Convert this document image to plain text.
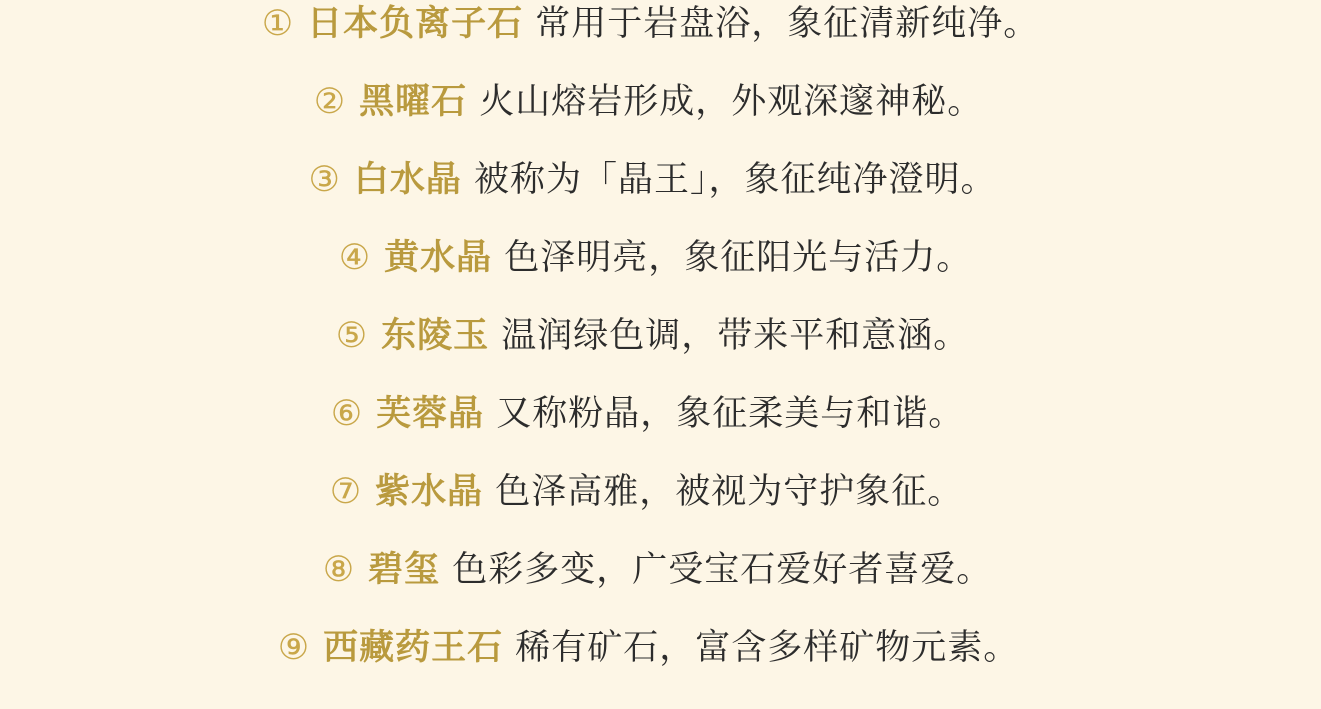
① 日本负离子石 常用于岩盘浴，象征清新纯净。
② 黑曜石 火山熔岩形成，外观深邃神秘。
③ 白水晶 被称为「晶王」，象征纯净澄明。
④ 黄水晶 色泽明亮，象征阳光与活力。
⑤ 东陵玉 温润绿色调，带来平和意涵。
⑥ 芙蓉晶 又称粉晶，象征柔美与和谐。
⑦ 紫水晶 色泽高雅，被视为守护象征。
⑧ 碧玺 色彩多变，广受宝石爱好者喜爱。
⑨ 西藏药王石 稀有矿石，富含多样矿物元素。
